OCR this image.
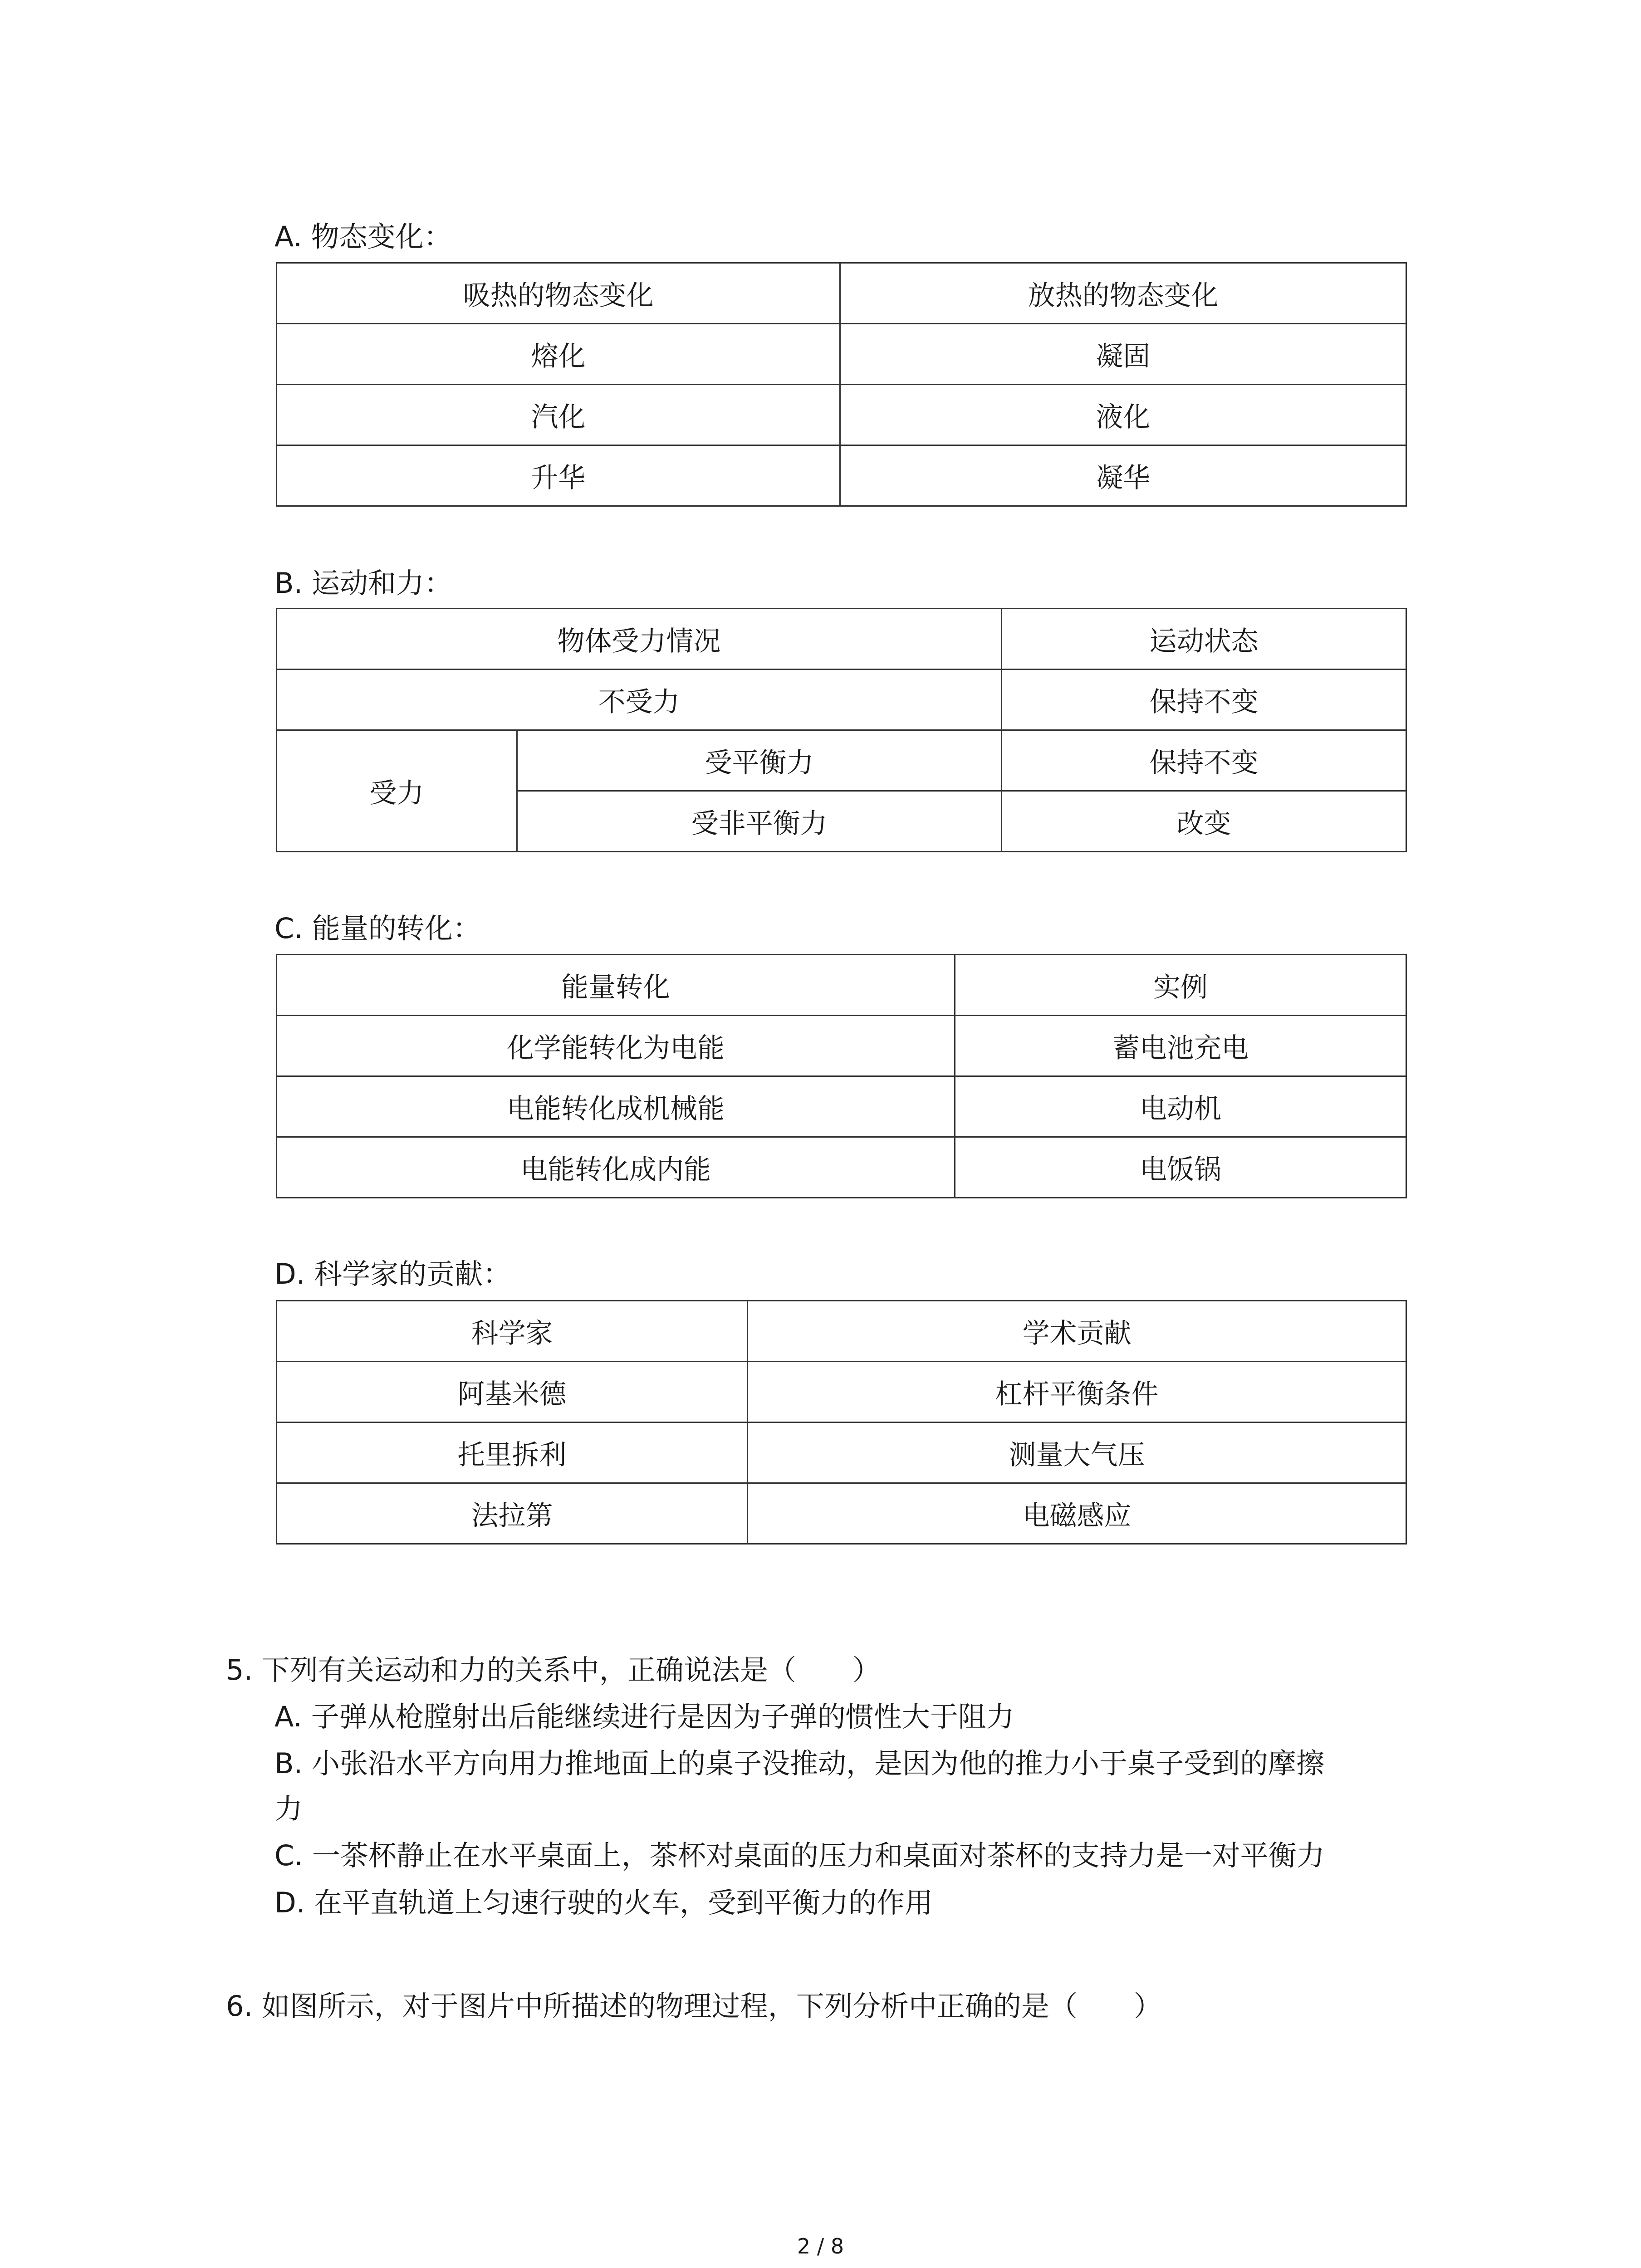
A. 物态变化：
吸热的物态变化	放热的物态变化
熔化	凝固
汽化	液化
升华	凝华
B. 运动和力：
物体受力情况		运动状态
不受力		保持不变
受力	受平衡力	保持不变
	受非平衡力	改变
C. 能量的转化：
能量转化	实例
化学能转化为电能	蓄电池充电
电能转化成机械能	电动机
电能转化成内能	电饭锅
D. 科学家的贡献：
科学家	学术贡献
阿基米德	杠杆平衡条件
托里拆利	测量大气压
法拉第	电磁感应
5. 下列有关运动和力的关系中，正确说法是（　　）
A. 子弹从枪膛射出后能继续进行是因为子弹的惯性大于阻力
B. 小张沿水平方向用力推地面上的桌子没推动，是因为他的推力小于桌子受到的摩擦
力
C. 一茶杯静止在水平桌面上，茶杯对桌面的压力和桌面对茶杯的支持力是一对平衡力
D. 在平直轨道上匀速行驶的火车，受到平衡力的作用
6. 如图所示，对于图片中所描述的物理过程，下列分析中正确的是（　　）
2 / 8
